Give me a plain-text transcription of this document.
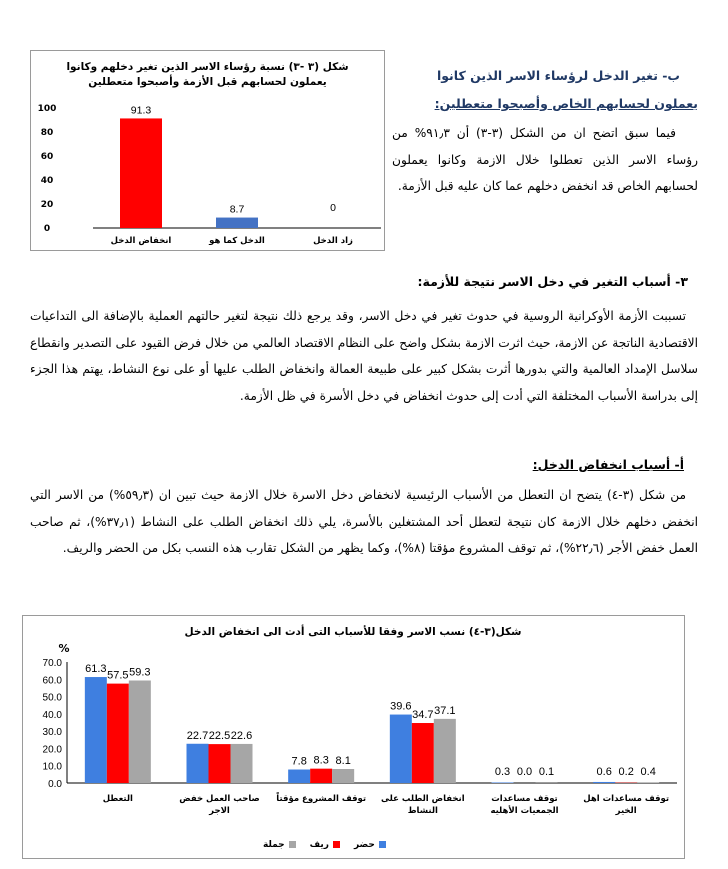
شكل (٣ -٣) نسبة رؤساء الاسر الذين تغير دخلهم وكانوا
يعملون لحسابهم قبل الأزمة وأصبحوا متعطلين
0
20
40
60
80
100	91.3
انخفاض الدخل
8.7
الدخل كما هو
0
زاد الدخل
ب- تغير الدخل لرؤساء الاسر الذين كانوا
يعملون لحسابهم الخاص وأصبحوا متعطلين:
فيما سبق اتضح ان من الشكل (٣-٣) أن ٩١٫٣% من رؤساء الاسر الذين تعطلوا خلال الازمة وكانوا يعملون لحسابهم الخاص قد انخفض دخلهم عما كان عليه قبل الأزمة.
٣- أسباب التغير في دخل الاسر نتيجة للأزمة:
تسببت الأزمة الأوكرانية الروسية في حدوث تغير في دخل الاسر، وقد يرجع ذلك نتيجة لتغير حالتهم العملية بالإضافة الى التداعيات الاقتصادية الناتجة عن الازمة، حيث اثرت الازمة بشكل واضح على النظام الاقتصاد العالمي من خلال فرض القيود على التصدير وانقطاع سلاسل الإمداد العالمية والتي بدورها أثرت بشكل كبير على طبيعة العمالة وانخفاض الطلب عليها أو على نوع النشاط، يهتم هذا الجزء إلى بدراسة الأسباب المختلفة التي أدت إلى حدوث انخفاض في دخل الأسرة في ظل الأزمة.
أ- أسباب انخفاض الدخل:
من شكل (٣-٤) يتضح ان التعطل من الأسباب الرئيسية لانخفاض دخل الاسرة خلال الازمة حيث تبين ان (٥٩٫٣%) من الاسر التي انخفض دخلهم خلال الازمة كان نتيجة لتعطل أحد المشتغلين بالأسرة، يلي ذلك انخفاض الطلب على النشاط (٣٧٫١%)، ثم صاحب العمل خفض الأجر (٢٢٫٦%)، ثم توقف المشروع مؤقتا (٨%)، وكما يظهر من الشكل تقارب هذه النسب بكل من الحضر والريف.
شكل(٣-٤) نسب الاسر وفقا للأسباب التى أدت الى انخفاض الدخل
%
0.0
10.0
20.0
30.0
40.0
50.0
60.0
70.0 61.3
57.5 59.3
التعطل
22.7 22.5 22.6
صاحب العمل خفض
الاجر
7.8 8.3 8.1
توقف المشروع مؤقتاً
39.6
34.7 37.1
انخفاض الطلب على
النشاط
0.3 0.0 0.1
توقف مساعدات
الجمعيات الأهليه
0.6 0.2 0.4
توقف مساعدات اهل
الخير
حضر
ريف
جملة
